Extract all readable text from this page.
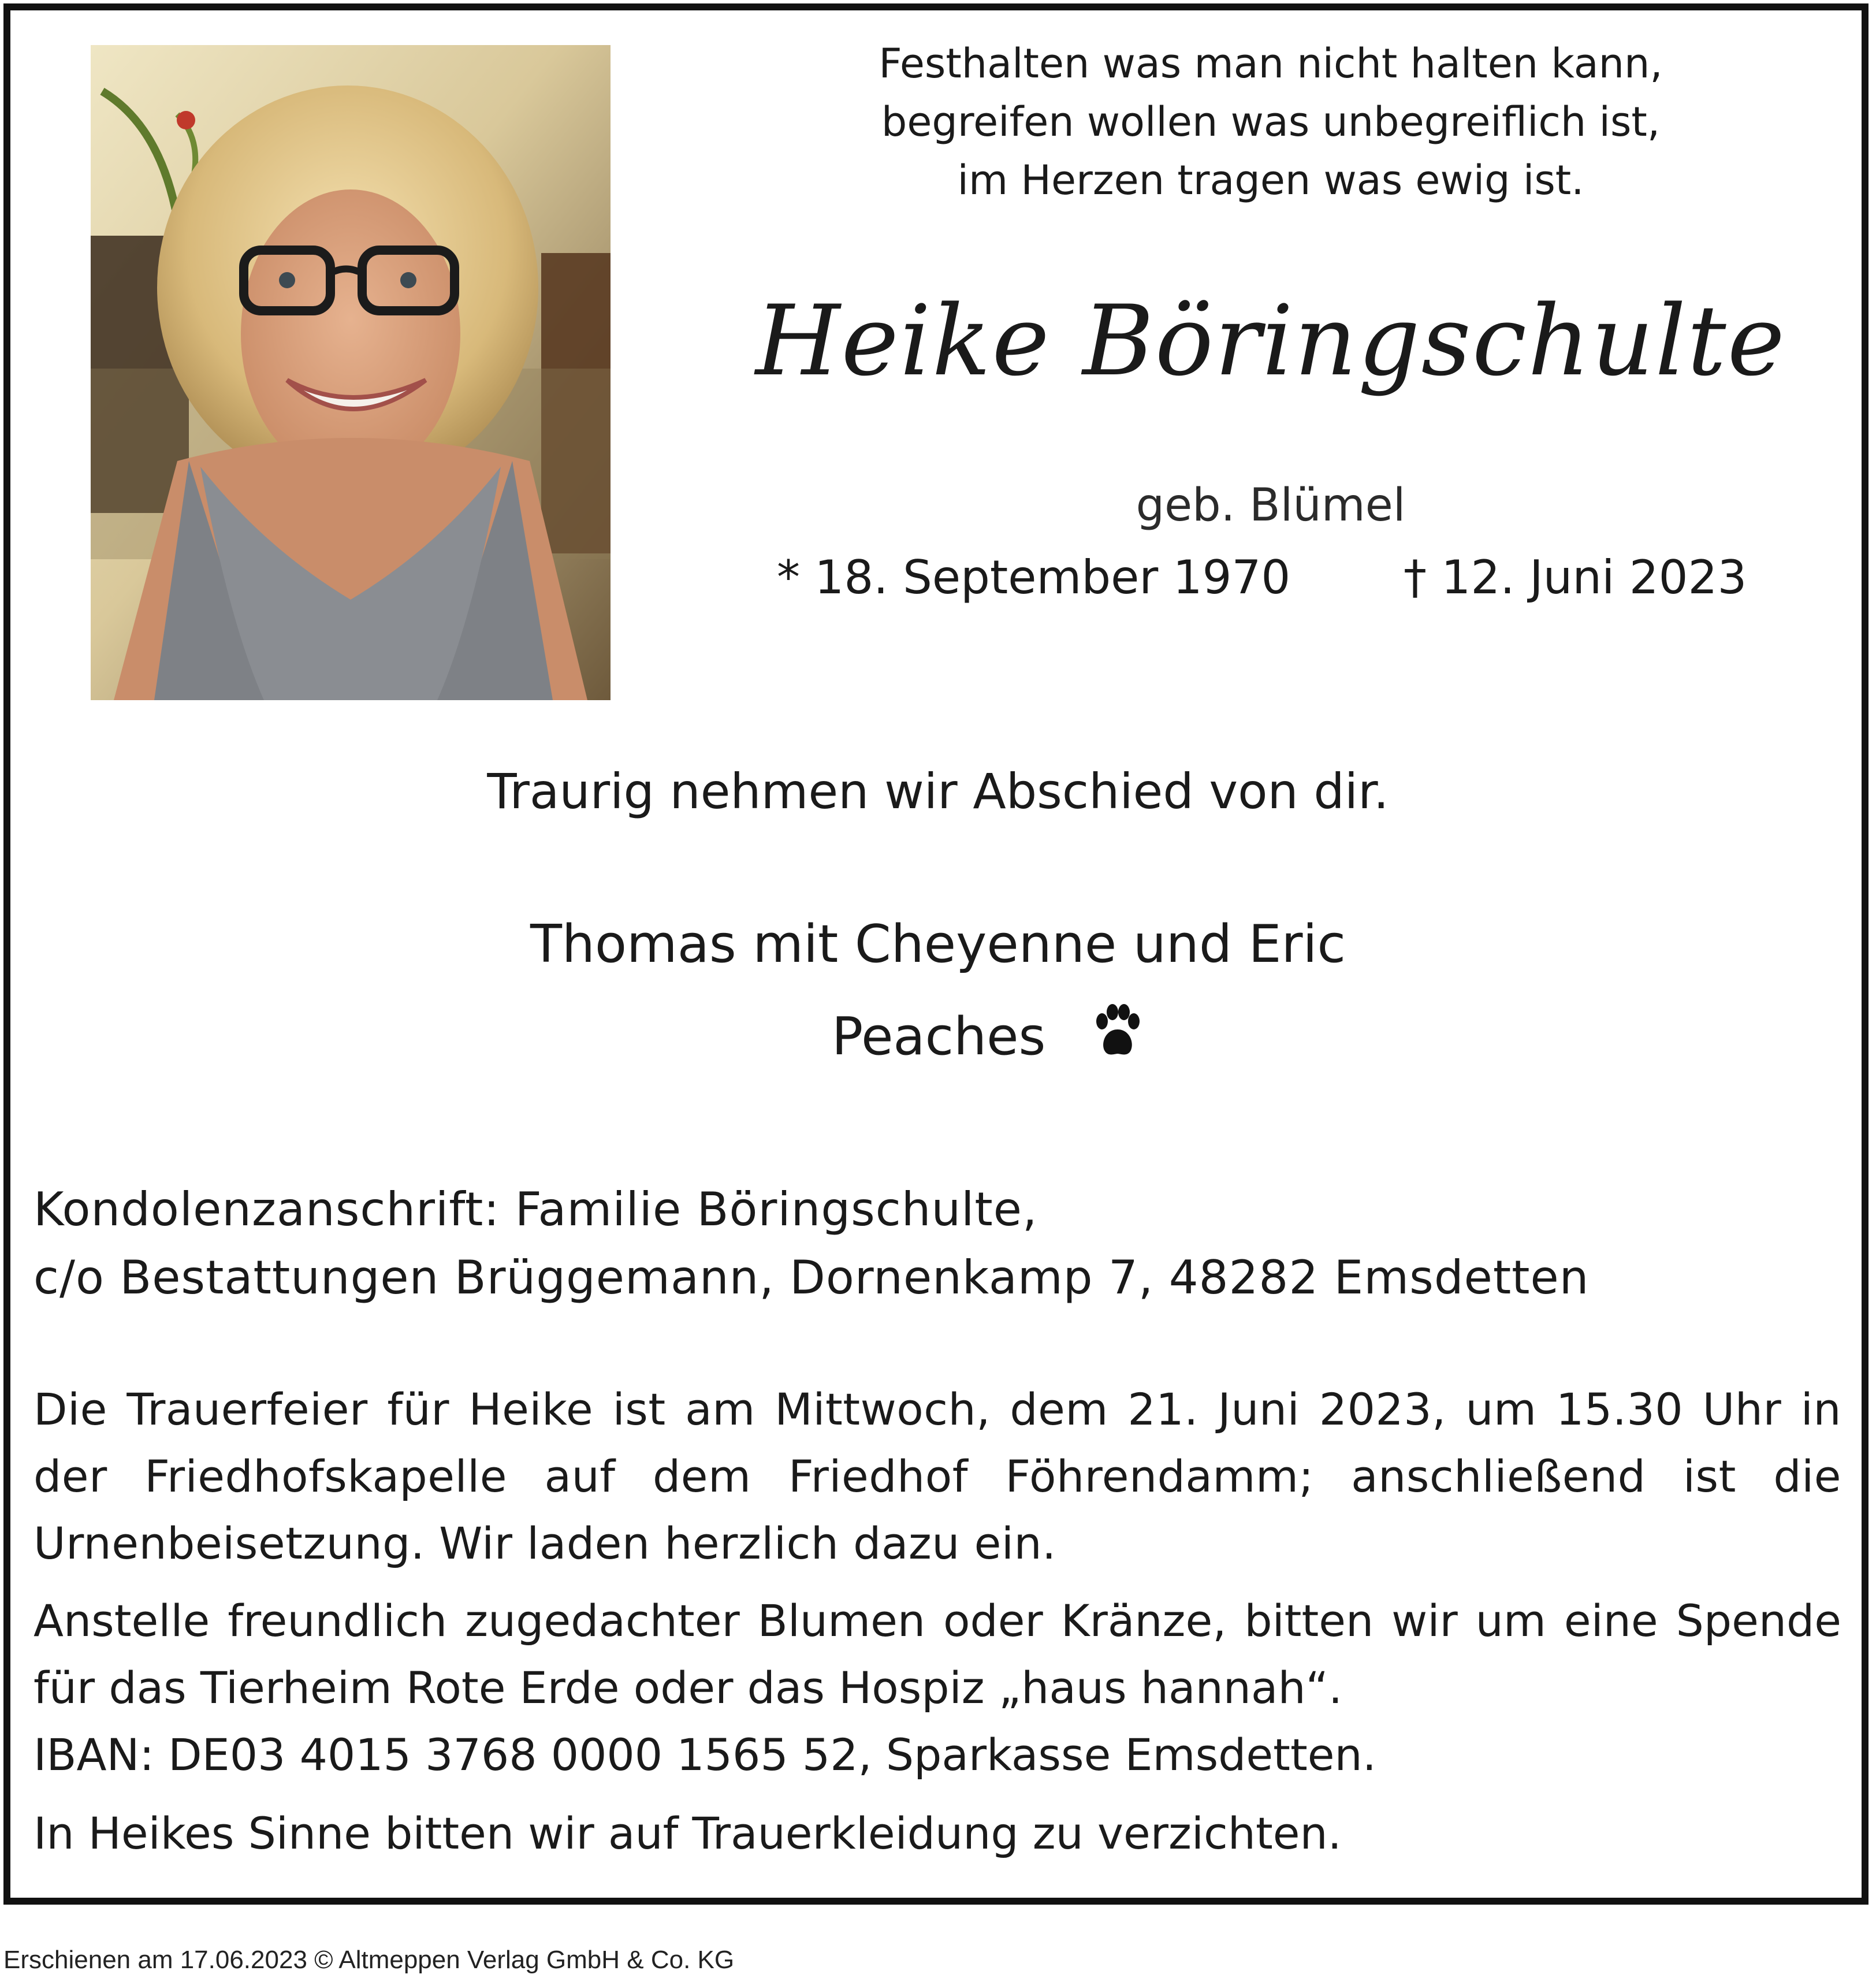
Festhalten was man nicht halten kann,
begreifen wollen was unbegreiflich ist,
im Herzen tragen was ewig ist.
Heike Böringschulte
geb. Blümel
* 18. September 1970 † 12. Juni 2023
Traurig nehmen wir Abschied von dir.
Thomas mit Cheyenne und Eric
Peaches
Kondolenzanschrift: Familie Böringschulte,
c/o Bestattungen Brüggemann, Dornenkamp 7, 48282 Emsdetten
Die Trauerfeier für Heike ist am Mittwoch, dem 21. Juni 2023, um 15.30 Uhr in der Friedhofskapelle auf dem Friedhof Föhrendamm; anschließend ist die Urnenbeisetzung. Wir laden herzlich dazu ein.
Anstelle freundlich zugedachter Blumen oder Kränze, bitten wir um eine Spende für das Tierheim Rote Erde oder das Hospiz „haus hannah“.
IBAN: DE03 4015 3768 0000 1565 52, Sparkasse Emsdetten.
In Heikes Sinne bitten wir auf Trauerkleidung zu verzichten.
Erschienen am 17.06.2023 © Altmeppen Verlag GmbH & Co. KG
